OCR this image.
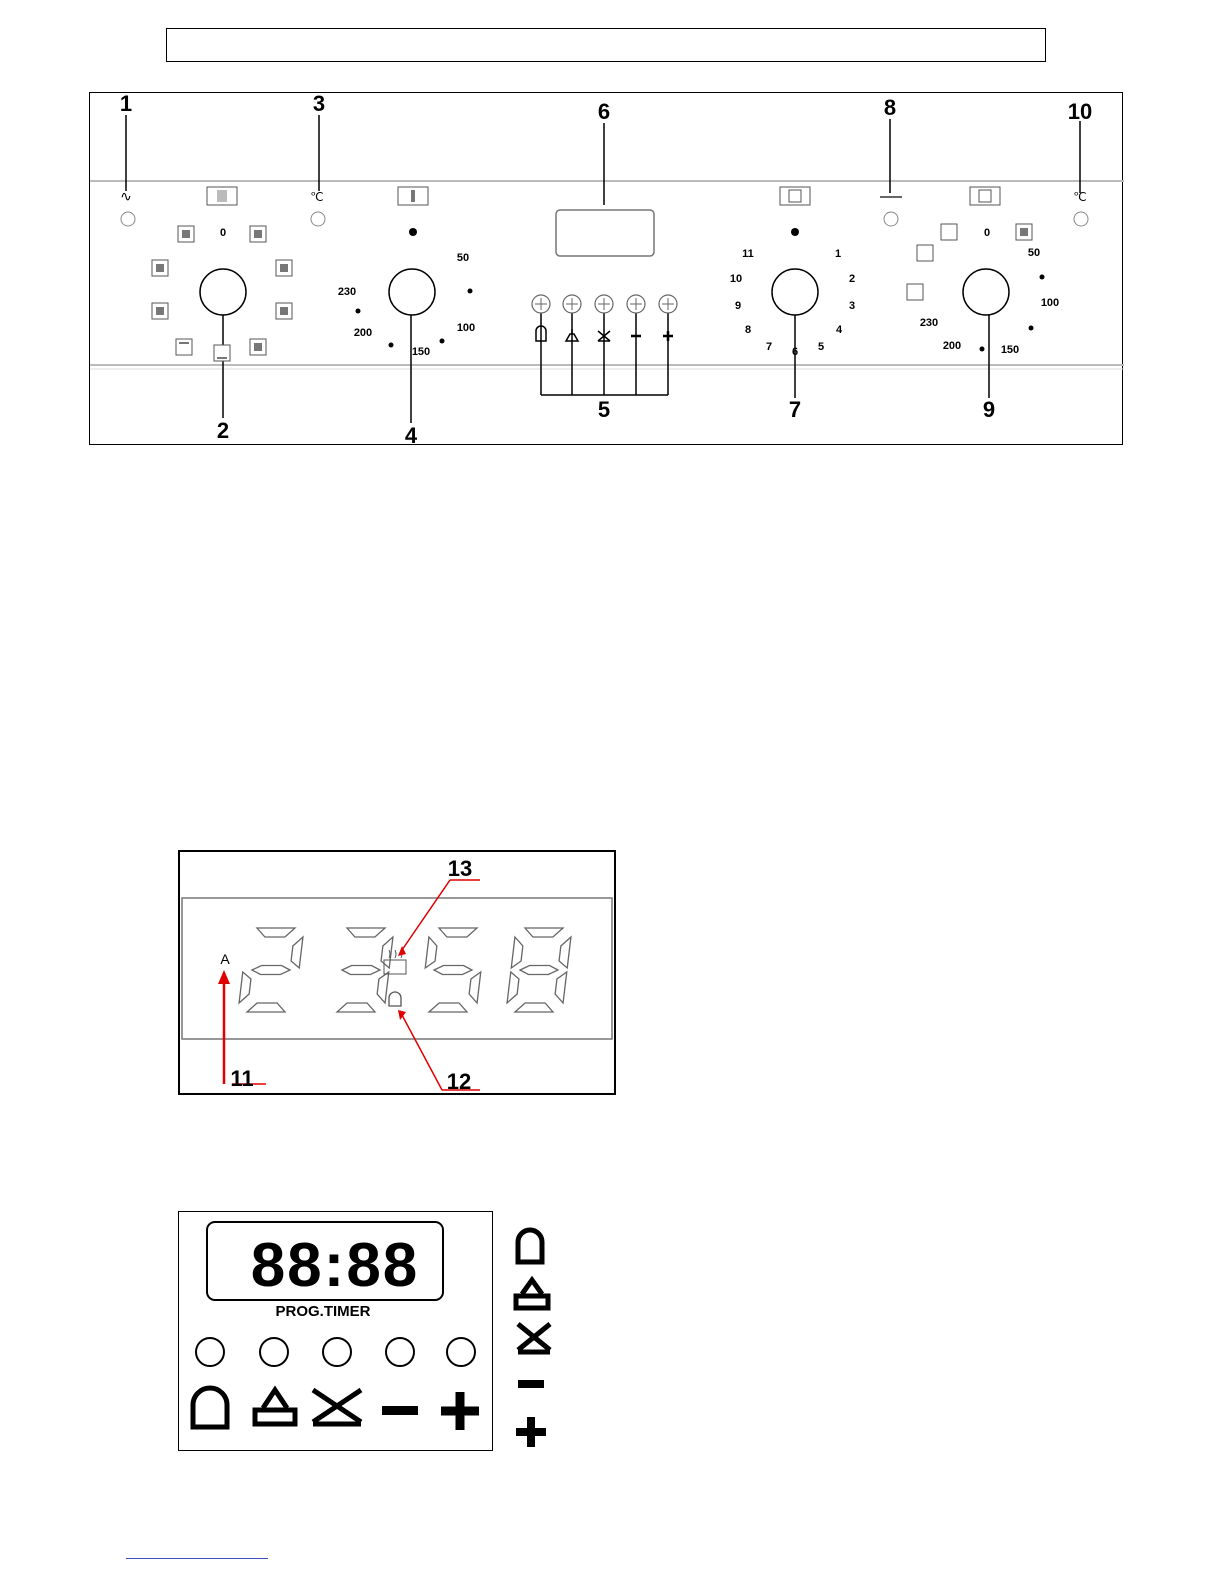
1
2
3
4
5
6
7
8
9
10
∿	℃	℃
0
50
100
150
200
230
1
2
3
4
5
6
7
8
9
10
11
0
50
100
150
200
230
A
13
12
11
88:88
PROG.TIMER
